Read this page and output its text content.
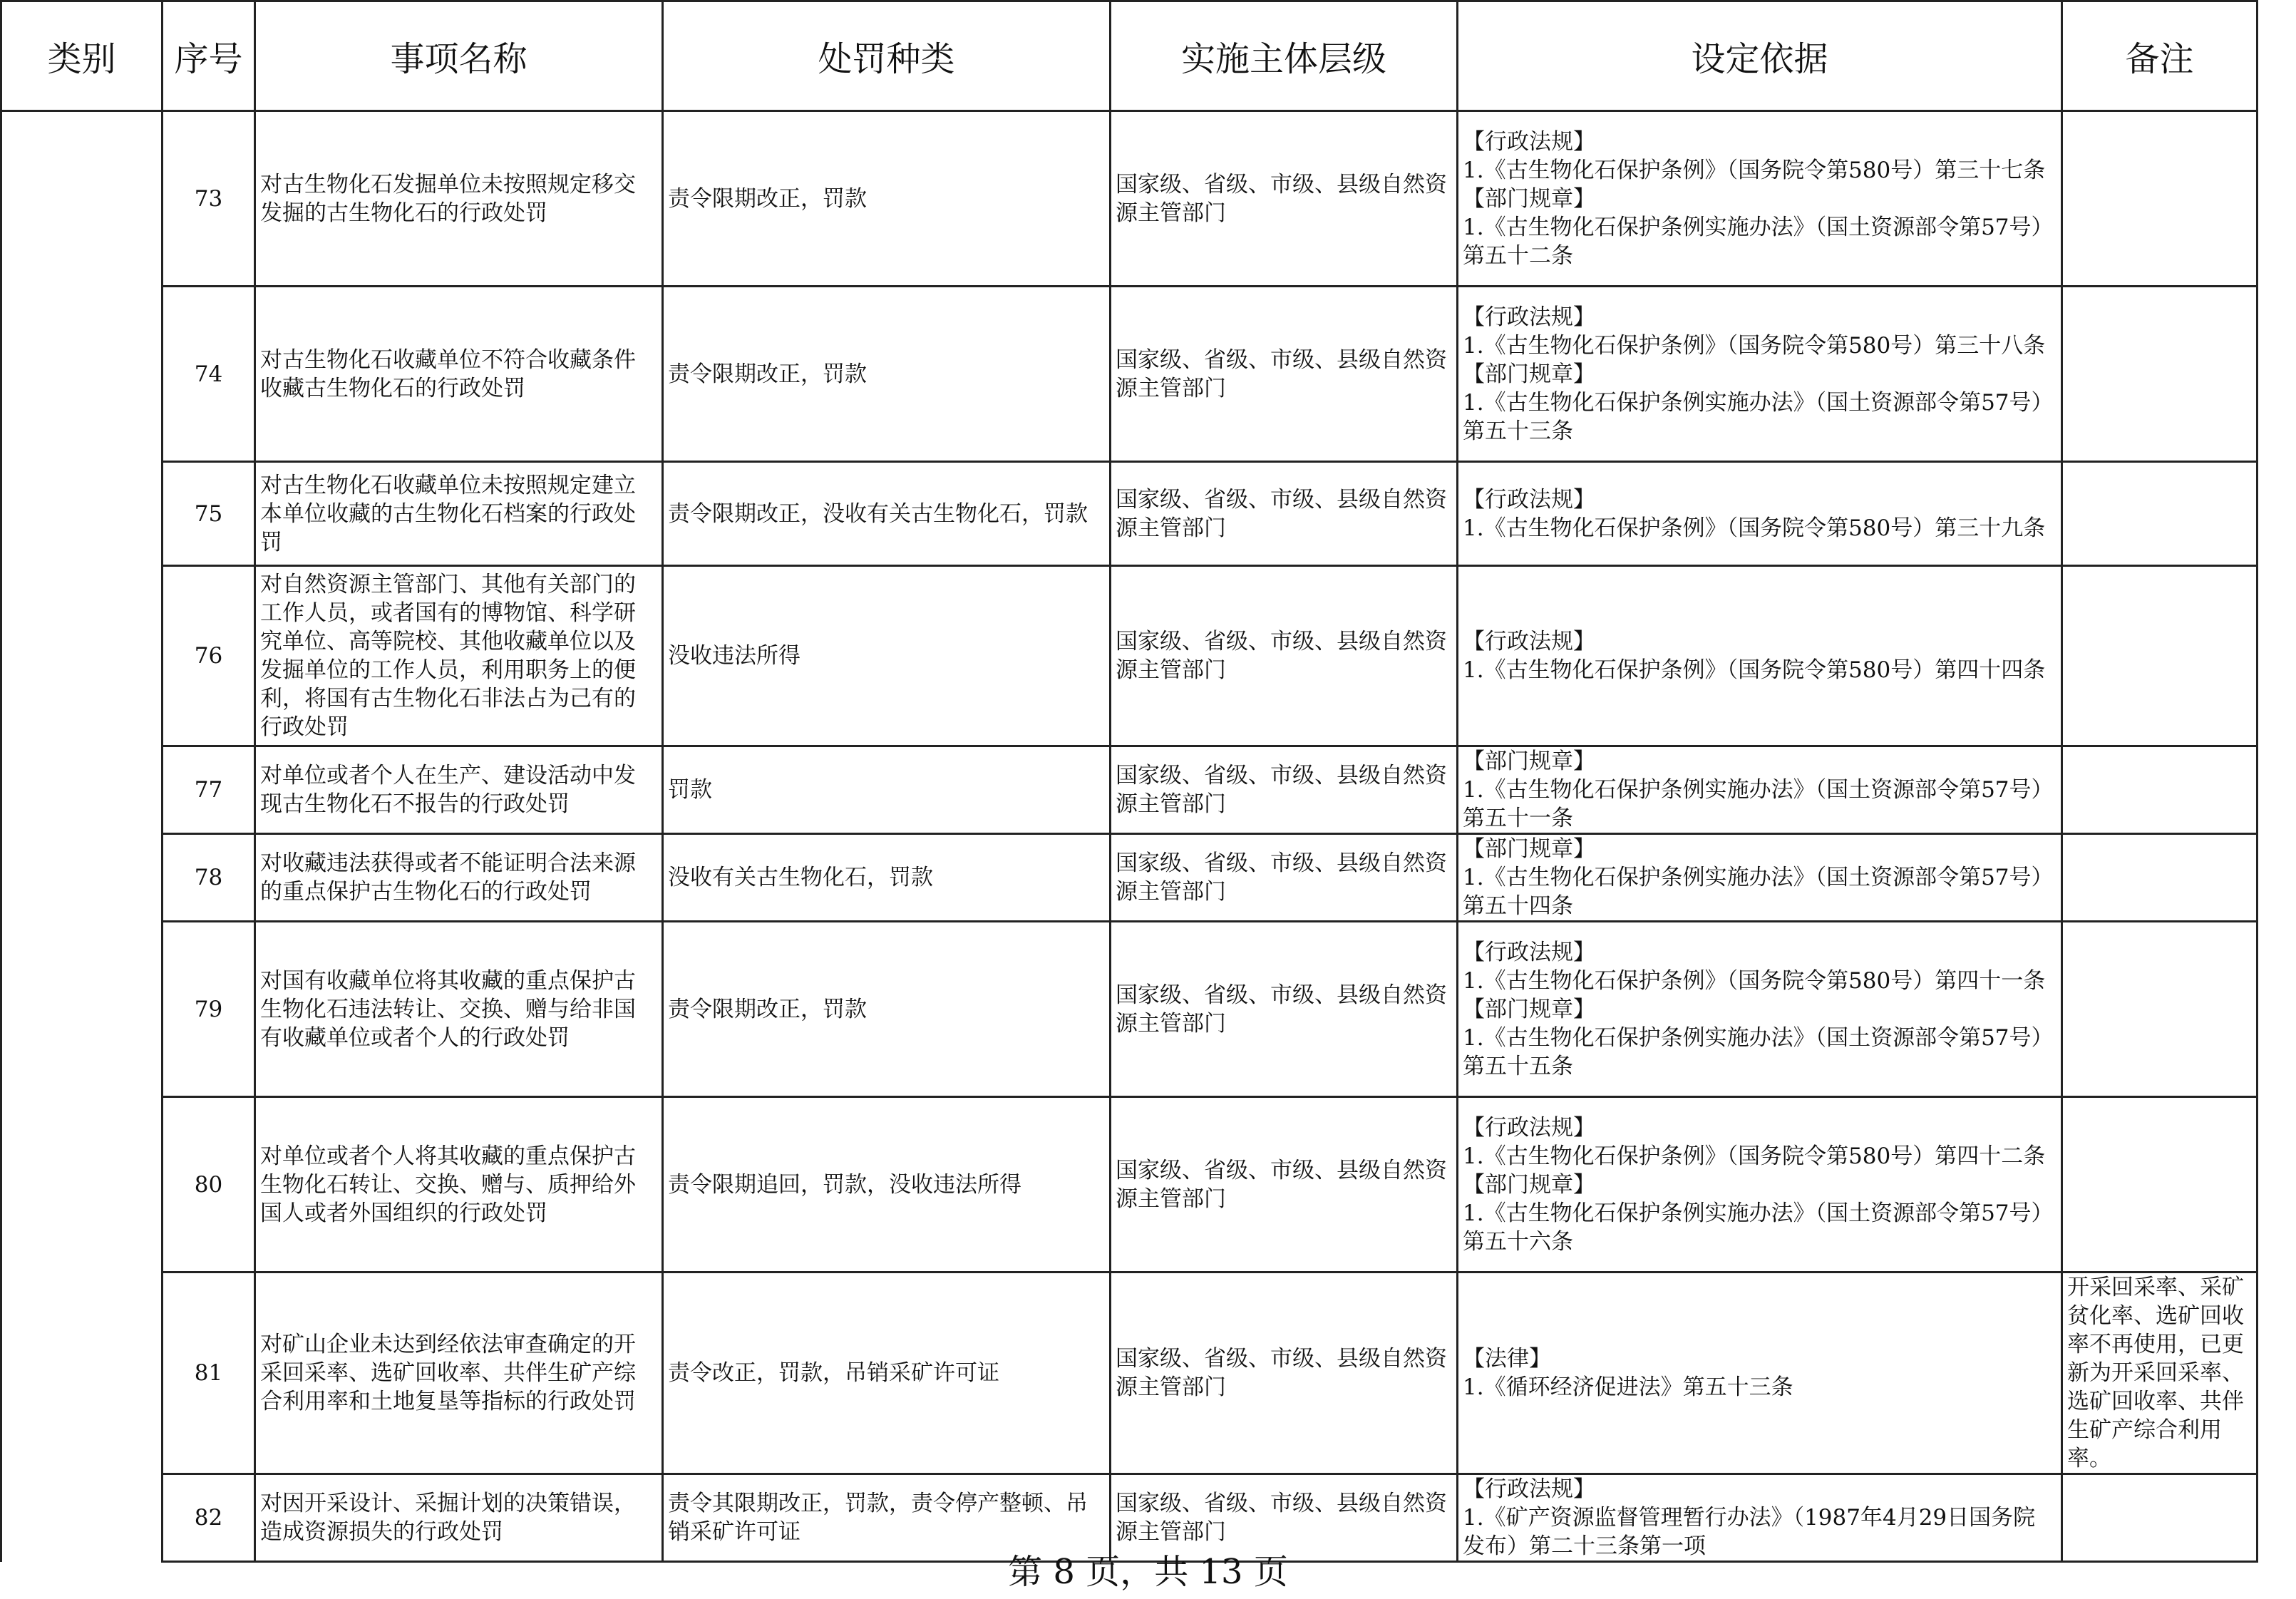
类别	序号	事项名称	处罚种类	实施主体层级	设定依据	备注
	73	对古生物化石发掘单位未按照规定移交发掘的古生物化石的行政处罚	责令限期改正，罚款	国家级、省级、市级、县级自然资源主管部门	【行政法规】
1.《古生物化石保护条例》（国务院令第580号）第三十七条
【部门规章】
1.《古生物化石保护条例实施办法》（国土资源部令第57号）第五十二条	

	74	对古生物化石收藏单位不符合收藏条件收藏古生物化石的行政处罚	责令限期改正，罚款	国家级、省级、市级、县级自然资源主管部门	【行政法规】
1.《古生物化石保护条例》（国务院令第580号）第三十八条
【部门规章】
1.《古生物化石保护条例实施办法》（国土资源部令第57号）第五十三条	

	75	对古生物化石收藏单位未按照规定建立本单位收藏的古生物化石档案的行政处罚	责令限期改正，没收有关古生物化石，罚款	国家级、省级、市级、县级自然资源主管部门	【行政法规】
1.《古生物化石保护条例》（国务院令第580号）第三十九条	

	76	对自然资源主管部门、其他有关部门的工作人员，或者国有的博物馆、科学研究单位、高等院校、其他收藏单位以及发掘单位的工作人员，利用职务上的便利，将国有古生物化石非法占为己有的行政处罚	没收违法所得	国家级、省级、市级、县级自然资源主管部门	【行政法规】
1.《古生物化石保护条例》（国务院令第580号）第四十四条	

	77	对单位或者个人在生产、建设活动中发现古生物化石不报告的行政处罚	罚款	国家级、省级、市级、县级自然资源主管部门	【部门规章】
1.《古生物化石保护条例实施办法》（国土资源部令第57号）第五十一条	

	78	对收藏违法获得或者不能证明合法来源的重点保护古生物化石的行政处罚	没收有关古生物化石，罚款	国家级、省级、市级、县级自然资源主管部门	【部门规章】
1.《古生物化石保护条例实施办法》（国土资源部令第57号）第五十四条	

	79	对国有收藏单位将其收藏的重点保护古生物化石违法转让、交换、赠与给非国有收藏单位或者个人的行政处罚	责令限期改正，罚款	国家级、省级、市级、县级自然资源主管部门	【行政法规】
1.《古生物化石保护条例》（国务院令第580号）第四十一条
【部门规章】
1.《古生物化石保护条例实施办法》（国土资源部令第57号）第五十五条	

	80	对单位或者个人将其收藏的重点保护古生物化石转让、交换、赠与、质押给外国人或者外国组织的行政处罚	责令限期追回，罚款，没收违法所得	国家级、省级、市级、县级自然资源主管部门	【行政法规】
1.《古生物化石保护条例》（国务院令第580号）第四十二条
【部门规章】
1.《古生物化石保护条例实施办法》（国土资源部令第57号）第五十六条	

	81	对矿山企业未达到经依法审查确定的开采回采率、选矿回收率、共伴生矿产综合利用率和土地复垦等指标的行政处罚	责令改正，罚款，吊销采矿许可证	国家级、省级、市级、县级自然资源主管部门	【法律】
1.《循环经济促进法》第五十三条	开采回采率、采矿贫化率、选矿回收率不再使用，已更新为开采回采率、选矿回收率、共伴生矿产综合利用率。

	82	对因开采设计、采掘计划的决策错误，造成资源损失的行政处罚	责令其限期改正，罚款，责令停产整顿、吊销采矿许可证	国家级、省级、市级、县级自然资源主管部门	【行政法规】
1.《矿产资源监督管理暂行办法》（1987年4月29日国务院发布）第二十三条第一项	

第 8 页，共 13 页
